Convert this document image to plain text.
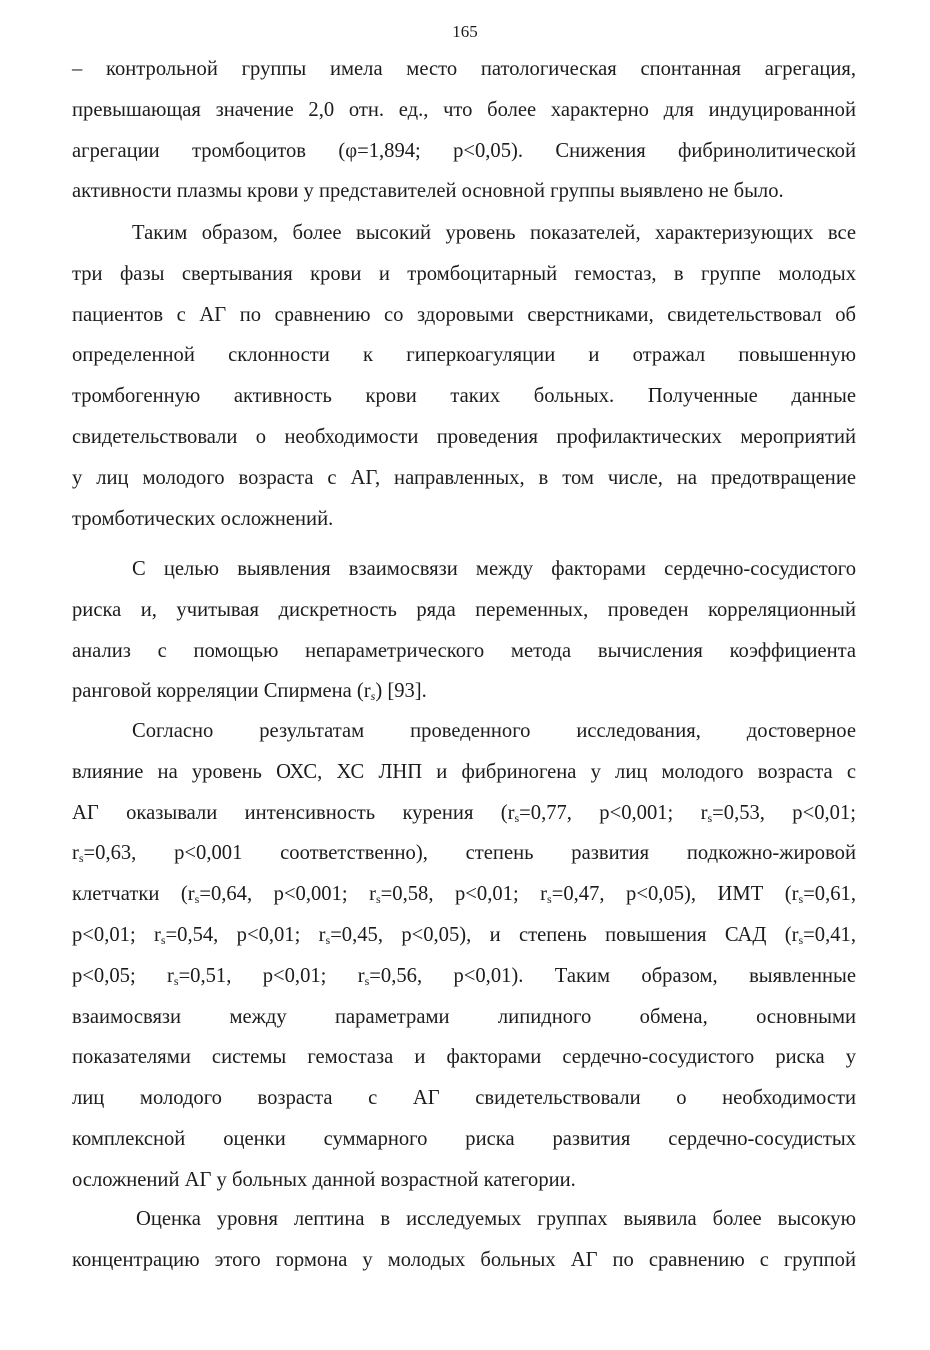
165
– контрольной группы имела место патологическая спонтанная агрегация,
превышающая значение 2,0 отн. ед., что более характерно для индуцированной
агрегации тромбоцитов (φ=1,894; p<0,05). Снижения фибринолитической
активности плазмы крови у представителей основной группы выявлено не было.
Таким образом, более высокий уровень показателей, характеризующих все
три фазы свертывания крови и тромбоцитарный гемостаз, в группе молодых
пациентов с АГ по сравнению со здоровыми сверстниками, свидетельствовал об
определенной склонности к гиперкоагуляции и отражал повышенную
тромбогенную активность крови таких больных. Полученные данные
свидетельствовали о необходимости проведения профилактических мероприятий
у лиц молодого возраста с АГ, направленных, в том числе, на предотвращение
тромботических осложнений.
С целью выявления взаимосвязи между факторами сердечно-сосудистого
риска и, учитывая дискретность ряда переменных, проведен корреляционный
анализ с помощью непараметрического метода вычисления коэффициента
ранговой корреляции Спирмена $(r_s)$ [93].
Согласно результатам проведенного исследования, достоверное
влияние на уровень ОХС, ХС ЛНП и фибриногена у лиц молодого возраста с
АГ оказывали интенсивность курения ($r_s=0,77$, p<0,001; $r_s=0,53$, p<0,01;
$r_s=0,63$, p<0,001 соответственно), степень развития подкожно-жировой
клетчатки ($r_s=0,64$, p<0,001; $r_s=0,58$, p<0,01; $r_s=0,47$, p<0,05), ИМТ ($r_s=0,61$,
p<0,01; $r_s=0,54$, p<0,01; $r_s=0,45$, p<0,05), и степень повышения САД ($r_s=0,41$,
p<0,05; $r_s=0,51$, p<0,01; $r_s=0,56$, p<0,01). Таким образом, выявленные
взаимосвязи между параметрами липидного обмена, основными
показателями системы гемостаза и факторами сердечно-сосудистого риска у
лиц молодого возраста с АГ свидетельствовали о необходимости
комплексной оценки суммарного риска развития сердечно-сосудистых
осложнений АГ у больных данной возрастной категории.
Оценка уровня лептина в исследуемых группах выявила более высокую
концентрацию этого гормона у молодых больных АГ по сравнению с группой
